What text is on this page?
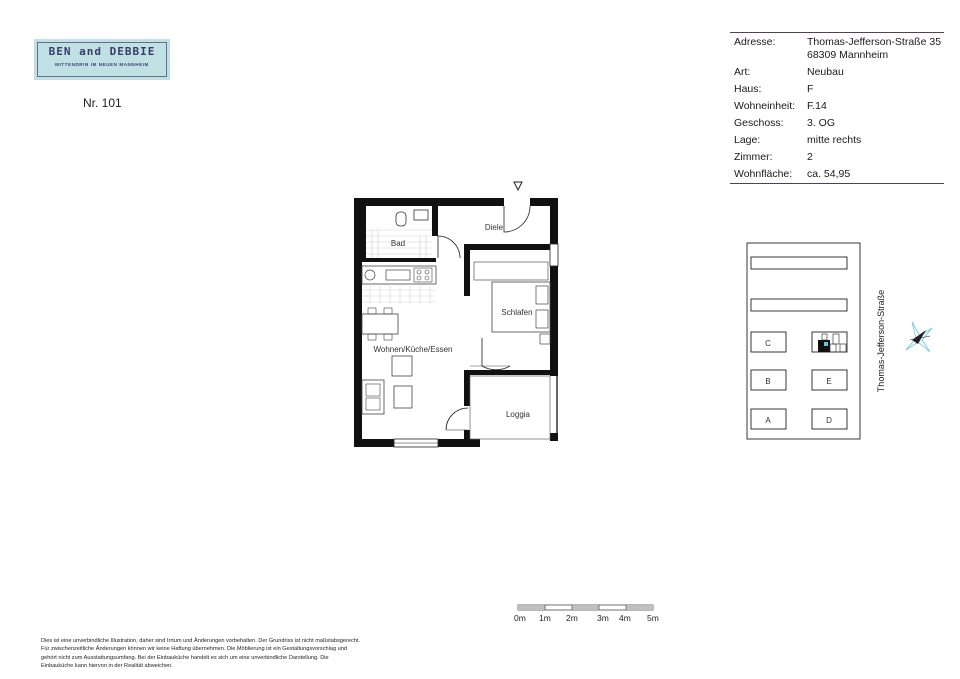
BEN and DEBBIE
MITTENDRIN IM NEUEN MANNHEIM
Nr. 101
Adresse:	Thomas-Jefferson-Straße 35
68309 Mannheim
Art:	Neubau
Haus:	F
Wohneinheit:	F.14
Geschoss:	3. OG
Lage:	mitte rechts
Zimmer:	2
Wohnfläche:	ca. 54,95
Bad
Diele
Schlafen
Wohnen/Küche/Essen
Loggia
C
B	E
A	D
Thomas-Jefferson-Straße
0m 1m 2m 3m 4m 5m
Dies ist eine unverbindliche Illustration, daher sind Irrtum und Änderungen vorbehalten. Der Grundriss ist nicht maßstabsgerecht. Für zwischenzeitliche Änderungen können wir keine Haftung übernehmen. Die Möblierung ist ein Gestaltungsvorschlag und gehört nicht zum Ausstattungsumfang. Bei der Einbauküche handelt es sich um eine unverbindliche Darstellung. Die Einbauküche kann hiervon in der Realität abweichen.
